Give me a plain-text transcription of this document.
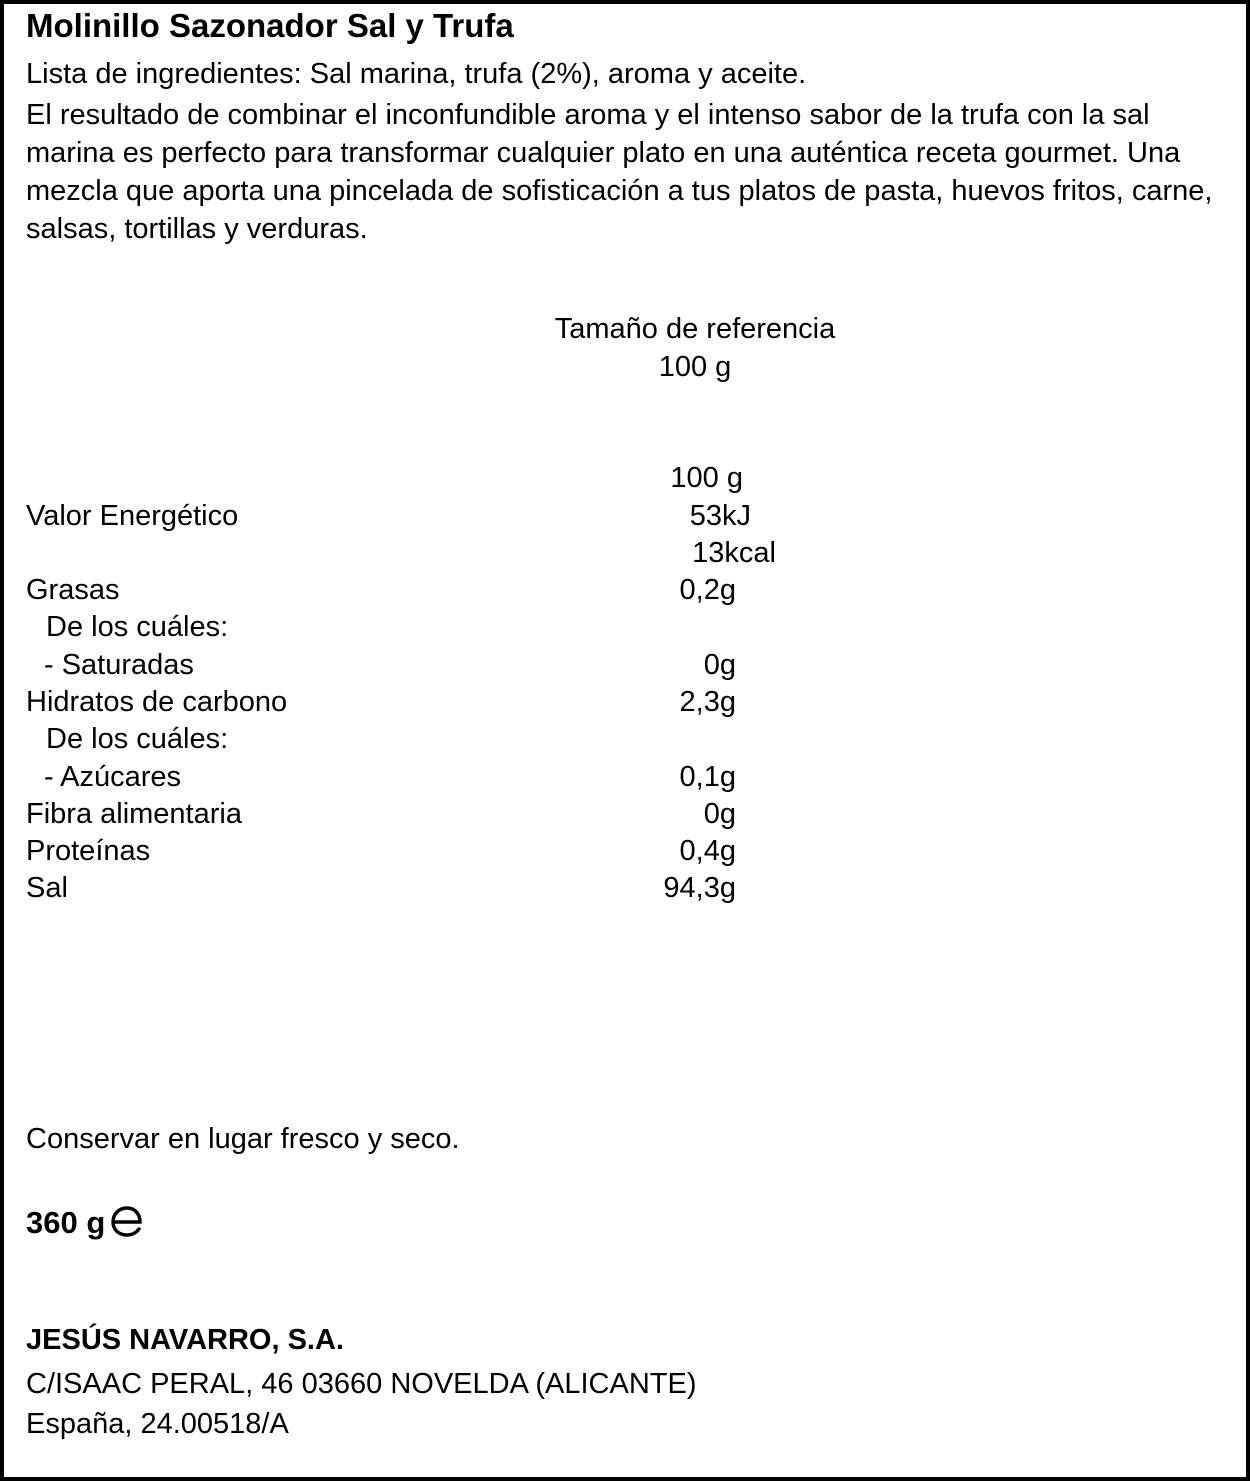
Molinillo Sazonador Sal y Trufa
Lista de ingredientes: Sal marina, trufa (2%), aroma y aceite.
El resultado de combinar el inconfundible aroma y el intenso sabor de la trufa con la sal marina es perfecto para transformar cualquier plato en una auténtica receta gourmet. Una mezcla que aporta una pincelada de sofisticación a tus platos de pasta, huevos fritos, carne, salsas, tortillas y verduras.
Tamaño de referencia
100 g
100 g
Valor Energético	53kJ
13kcal
Grasas	0,2g
De los cuáles:
- Saturadas	0g
Hidratos de carbono	2,3g
De los cuáles:
- Azúcares	0,1g
Fibra alimentaria	0g
Proteínas	0,4g
Sal	94,3g
Conservar en lugar fresco y seco.
360 g
JESÚS NAVARRO, S.A.
C/ISAAC PERAL, 46 03660 NOVELDA (ALICANTE)
España, 24.00518/A
